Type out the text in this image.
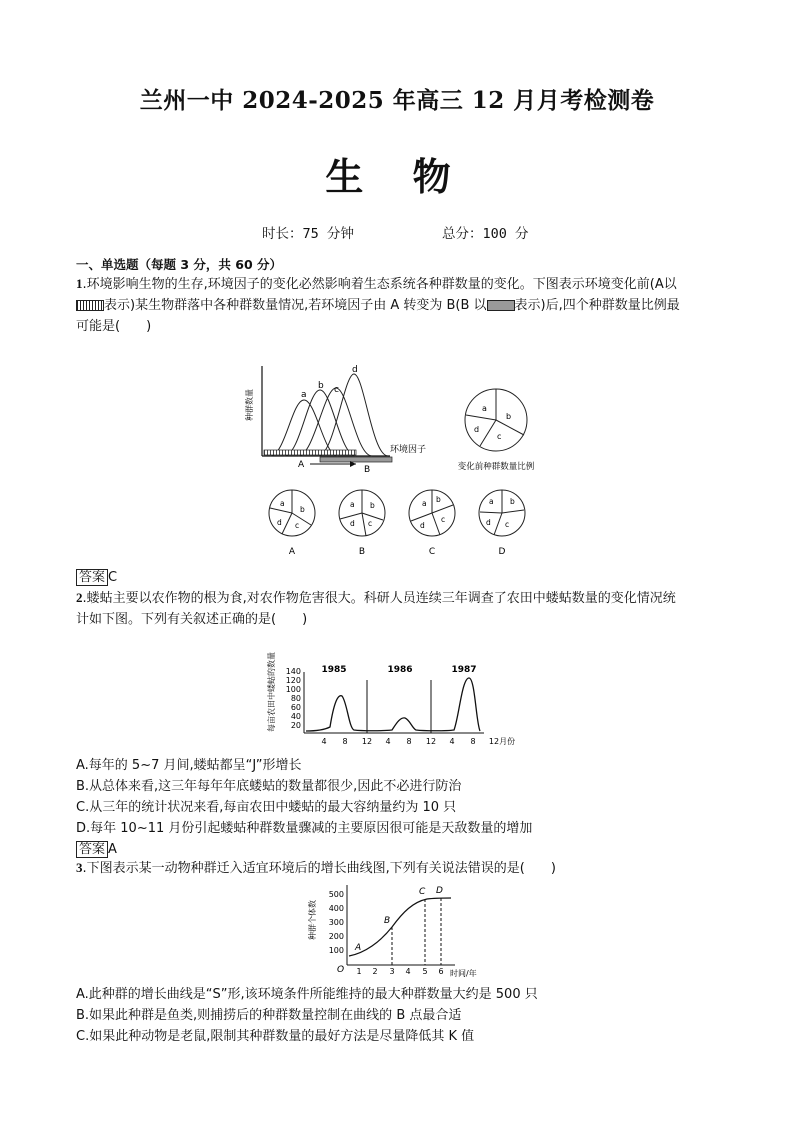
兰州一中 2024-2025 年高三 12 月月考检测卷
生 物
时长：75 分钟	总分：100 分
一、单选题（每题 3 分，共 60 分）
1.环境影响生物的生存,环境因子的变化必然影响着生态系统各种群数量的变化。下图表示环境变化前(A以
表示)某生物群落中各种群数量情况,若环境因子由 A 转变为 B(B 以 表示)后,四个种群数量比例最
可能是(　　)
种群数量
环境因子
a
b c
d
A	B
a
b
c
d
变化前种群数量比例
a
b
c
d
A
a b
c
d
B
a b
c
d
C
a b
c
d
D
答案 C
2.蝼蛄主要以农作物的根为食,对农作物危害很大。科研人员连续三年调查了农田中蝼蛄数量的变化情况统
计如下图。下列有关叙述正确的是(　　)
每亩农田中蝼蛄的数量 20
40
60
80
100
120
140 1985	1986	1987
4 8 12 4 8 12 4 8 12月份
A.每年的 5~7 月间,蝼蛄都呈“J”形增长
B.从总体来看,这三年每年年底蝼蛄的数量都很少,因此不必进行防治
C.从三年的统计状况来看,每亩农田中蝼蛄的最大容纳量约为 10 只
D.每年 10~11 月份引起蝼蛄种群数量骤减的主要原因很可能是天敌数量的增加
答案 A
3.下图表示某一动物种群迁入适宜环境后的增长曲线图,下列有关说法错误的是(　　)
种群个体数
100
200
300
400
500
O 1 2 3 4 5 6 时间/年
A
B
C D
A.此种群的增长曲线是“S”形,该环境条件所能维持的最大种群数量大约是 500 只
B.如果此种群是鱼类,则捕捞后的种群数量控制在曲线的 B 点最合适
C.如果此种动物是老鼠,限制其种群数量的最好方法是尽量降低其 K 值
